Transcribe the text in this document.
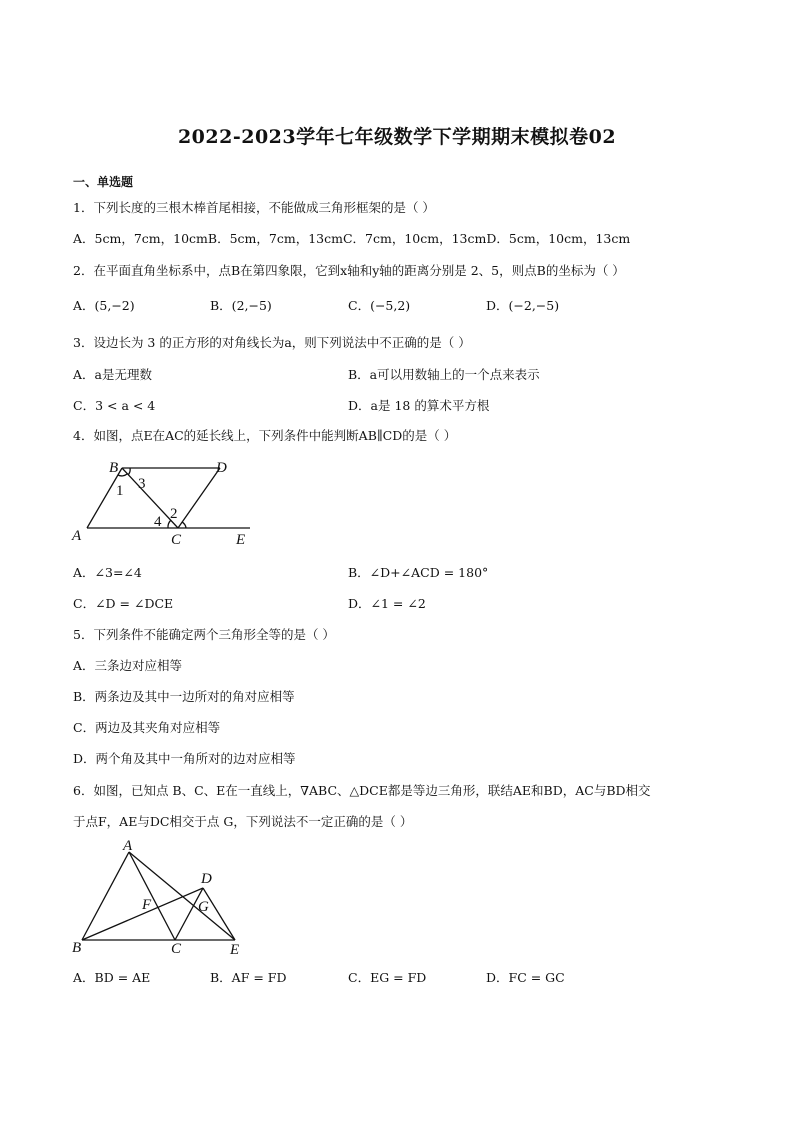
2022-2023学年七年级数学下学期期末模拟卷02
一、单选题
1．下列长度的三根木棒首尾相接，不能做成三角形框架的是（ ）
A．5cm，7cm，10cmB．5cm，7cm，13cmC．7cm，10cm，13cmD．5cm，10cm，13cm
2．在平面直角坐标系中，点B在第四象限，它到x轴和y轴的距离分别是 2、5，则点B的坐标为（ ）
A．(5,−2)	B．(2,−5)	C．(−5,2)	D．(−2,−5)
3．设边长为 3 的正方形的对角线长为a，则下列说法中不正确的是（ ）
A．a是无理数	B．a可以用数轴上的一个点来表示
C．3 < a < 4	D．a是 18 的算术平方根
4．如图，点E在AC的延长线上，下列条件中能判断AB∥CD的是（ ）
B	D
A	C	E
1 3
2
4
A．∠3=∠4	B．∠D+∠ACD = 180°
C．∠D = ∠DCE	D．∠1 = ∠2
5．下列条件不能确定两个三角形全等的是（ ）
A．三条边对应相等
B．两条边及其中一边所对的角对应相等
C．两边及其夹角对应相等
D．两个角及其中一角所对的边对应相等
6．如图，已知点 B、C、E在一直线上，∇ABC、△DCE都是等边三角形，联结AE和BD，AC与BD相交
于点F，AE与DC相交于点 G，下列说法不一定正确的是（ ）
A
D
F	G
B	C	E
A．BD = AE	B．AF = FD	C．EG = FD	D．FC = GC
